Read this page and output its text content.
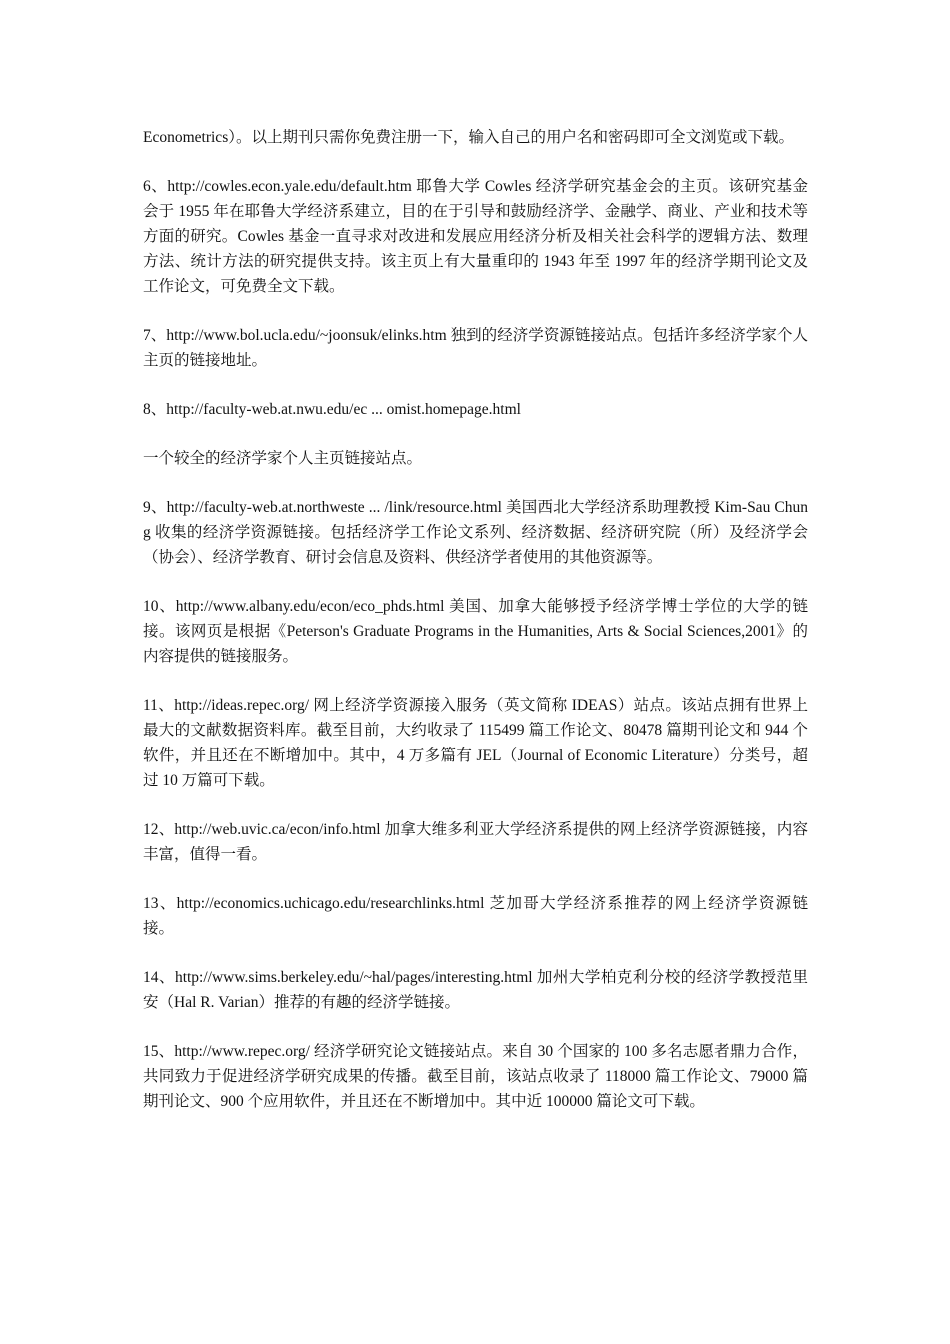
Econometrics）。以上期刊只需你免费注册一下，输入自己的用户名和密码即可全文浏览或下载。

6、http://cowles.econ.yale.edu/default.htm 耶鲁大学 Cowles 经济学研究基金会的主页。该研究基金会于 1955 年在耶鲁大学经济系建立，目的在于引导和鼓励经济学、金融学、商业、产业和技术等方面的研究。Cowles 基金一直寻求对改进和发展应用经济分析及相关社会科学的逻辑方法、数理方法、统计方法的研究提供支持。该主页上有大量重印的 1943 年至 1997 年的经济学期刊论文及工作论文，可免费全文下载。

7、http://www.bol.ucla.edu/~joonsuk/elinks.htm 独到的经济学资源链接站点。包括许多经济学家个人主页的链接地址。

8、http://faculty-web.at.nwu.edu/ec ... omist.homepage.html

一个较全的经济学家个人主页链接站点。

9、http://faculty-web.at.northweste ... /link/resource.html 美国西北大学经济系助理教授 Kim-Sau Chung 收集的经济学资源链接。包括经济学工作论文系列、经济数据、经济研究院（所）及经济学会（协会）、经济学教育、研讨会信息及资料、供经济学者使用的其他资源等。

10、http://www.albany.edu/econ/eco_phds.html 美国、加拿大能够授予经济学博士学位的大学的链接。该网页是根据《Peterson's Graduate Programs in the Humanities, Arts & Social Sciences,2001》的内容提供的链接服务。

11、http://ideas.repec.org/ 网上经济学资源接入服务（英文简称 IDEAS）站点。该站点拥有世界上最大的文献数据资料库。截至目前，大约收录了 115499 篇工作论文、80478 篇期刊论文和 944 个软件，并且还在不断增加中。其中，4 万多篇有 JEL（Journal of Economic Literature）分类号，超过 10 万篇可下载。

12、http://web.uvic.ca/econ/info.html 加拿大维多利亚大学经济系提供的网上经济学资源链接，内容丰富，值得一看。

13、http://economics.uchicago.edu/researchlinks.html 芝加哥大学经济系推荐的网上经济学资源链接。

14、http://www.sims.berkeley.edu/~hal/pages/interesting.html 加州大学柏克利分校的经济学教授范里安（Hal R. Varian）推荐的有趣的经济学链接。

15、http://www.repec.org/ 经济学研究论文链接站点。来自 30 个国家的 100 多名志愿者鼎力合作，共同致力于促进经济学研究成果的传播。截至目前，该站点收录了 118000 篇工作论文、79000 篇期刊论文、900 个应用软件，并且还在不断增加中。其中近 100000 篇论文可下载。
